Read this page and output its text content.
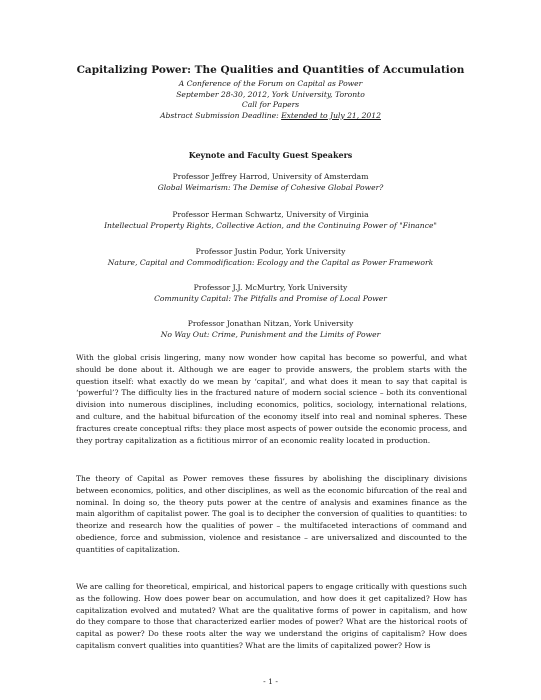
Capitalizing Power: The Qualities and Quantities of Accumulation
A Conference of the Forum on Capital as Power
September 28-30, 2012, York University, Toronto
Call for Papers
Abstract Submission Deadline: Extended to July 21, 2012
Keynote and Faculty Guest Speakers
Professor Jeffrey Harrod, University of Amsterdam
Global Weimarism: The Demise of Cohesive Global Power?
Professor Herman Schwartz, University of Virginia
Intellectual Property Rights, Collective Action, and the Continuing Power of "Finance"
Professor Justin Podur, York University
Nature, Capital and Commodification: Ecology and the Capital as Power Framework
Professor J.J. McMurtry, York University
Community Capital: The Pitfalls and Promise of Local Power
Professor Jonathan Nitzan, York University
No Way Out: Crime, Punishment and the Limits of Power

With the global crisis lingering, many now wonder how capital has become so powerful, and what should be done about it. Although we are eager to provide answers, the problem starts with the question itself: what exactly do we mean by ‘capital’, and what does it mean to say that capital is ‘powerful’? The difficulty lies in the fractured nature of modern social science – both its conventional division into numerous disciplines, including economics, politics, sociology, international relations, and culture, and the habitual bifurcation of the economy itself into real and nominal spheres. These fractures create conceptual rifts: they place most aspects of power outside the economic process, and they portray capitalization as a fictitious mirror of an economic reality located in production.

The theory of Capital as Power removes these fissures by abolishing the disciplinary divisions between economics, politics, and other disciplines, as well as the economic bifurcation of the real and nominal. In doing so, the theory puts power at the centre of analysis and examines finance as the main algorithm of capitalist power. The goal is to decipher the conversion of qualities to quantities: to theorize and research how the qualities of power – the multifaceted interactions of command and obedience, force and submission, violence and resistance – are universalized and discounted to the quantities of capitalization.

We are calling for theoretical, empirical, and historical papers to engage critically with questions such as the following. How does power bear on accumulation, and how does it get capitalized? How has capitalization evolved and mutated? What are the qualitative forms of power in capitalism, and how do they compare to those that characterized earlier modes of power? What are the historical roots of capital as power? Do these roots alter the way we understand the origins of capitalism? How does capitalism convert qualities into quantities? What are the limits of capitalized power? How is

- 1 -
